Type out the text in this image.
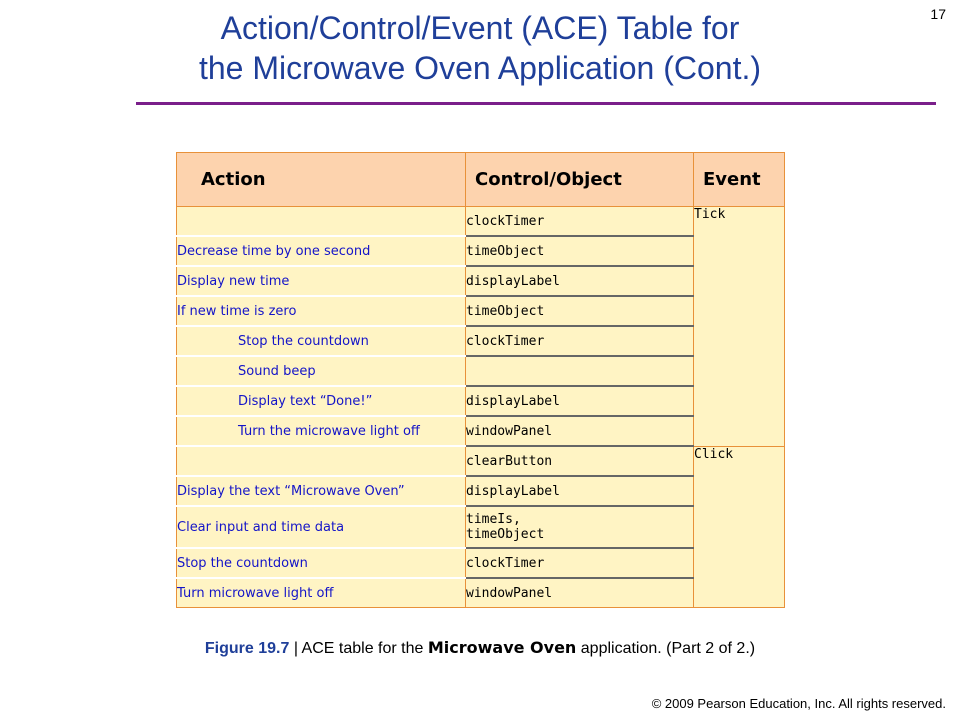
17
Action/Control/Event (ACE) Table for
the Microwave Oven Application (Cont.)
Action	Control/Object	Event
	clockTimer	Tick
Decrease time by one second	timeObject	
Display new time	displayLabel	
If new time is zero	timeObject	
Stop the countdown	clockTimer	
Sound beep		
Display text “Done!”	displayLabel	
Turn the microwave light off	windowPanel	
	clearButton	Click
Display the text “Microwave Oven”	displayLabel	
Clear input and time data	timeIs,
timeObject	

Stop the countdown	clockTimer	
Turn microwave light off	windowPanel	
Figure 19.7 | ACE table for the Microwave Oven application. (Part 2 of 2.)
© 2009 Pearson Education, Inc. All rights reserved.
